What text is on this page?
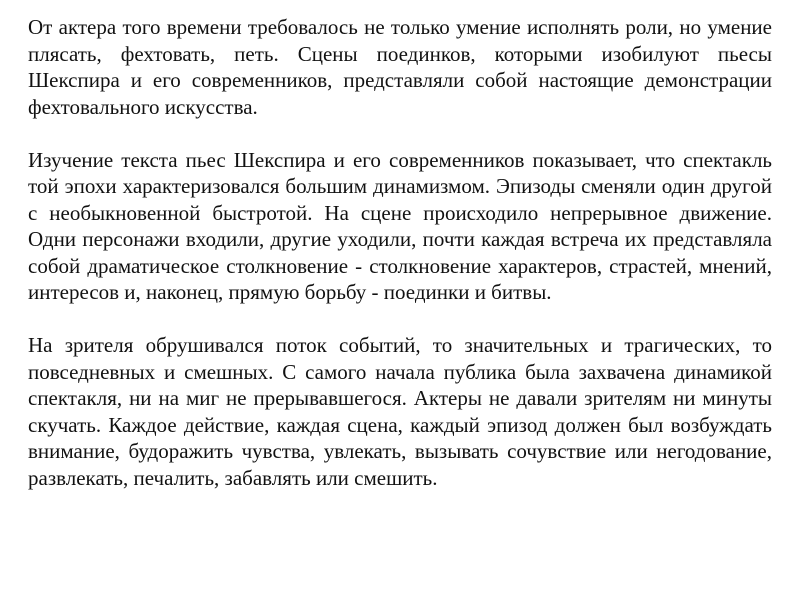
От актера того времени требовалось не только умение исполнять роли, но умение плясать, фехтовать, петь. Сцены поединков, которыми изобилуют пьесы Шекспира и его современников, представляли собой настоящие демонстрации фехтовального искусства.

Изучение текста пьес Шекспира и его современников показывает, что спектакль той эпохи характеризовался большим динамизмом. Эпизоды сменяли один другой с необыкновенной быстротой. На сцене происходило непрерывное движение. Одни персонажи входили, другие уходили, почти каждая встреча их представляла собой драматическое столкновение - столкновение характеров, страстей, мнений, интересов и, наконец, прямую борьбу - поединки и битвы.

На зрителя обрушивался поток событий, то значительных и трагических, то повседневных и смешных. С самого начала публика была захвачена динамикой спектакля, ни на миг не прерывавшегося. Актеры не давали зрителям ни минуты скучать. Каждое действие, каждая сцена, каждый эпизод должен был возбуждать внимание, будоражить чувства, увлекать, вызывать сочувствие или негодование, развлекать, печалить, забавлять или смешить.
